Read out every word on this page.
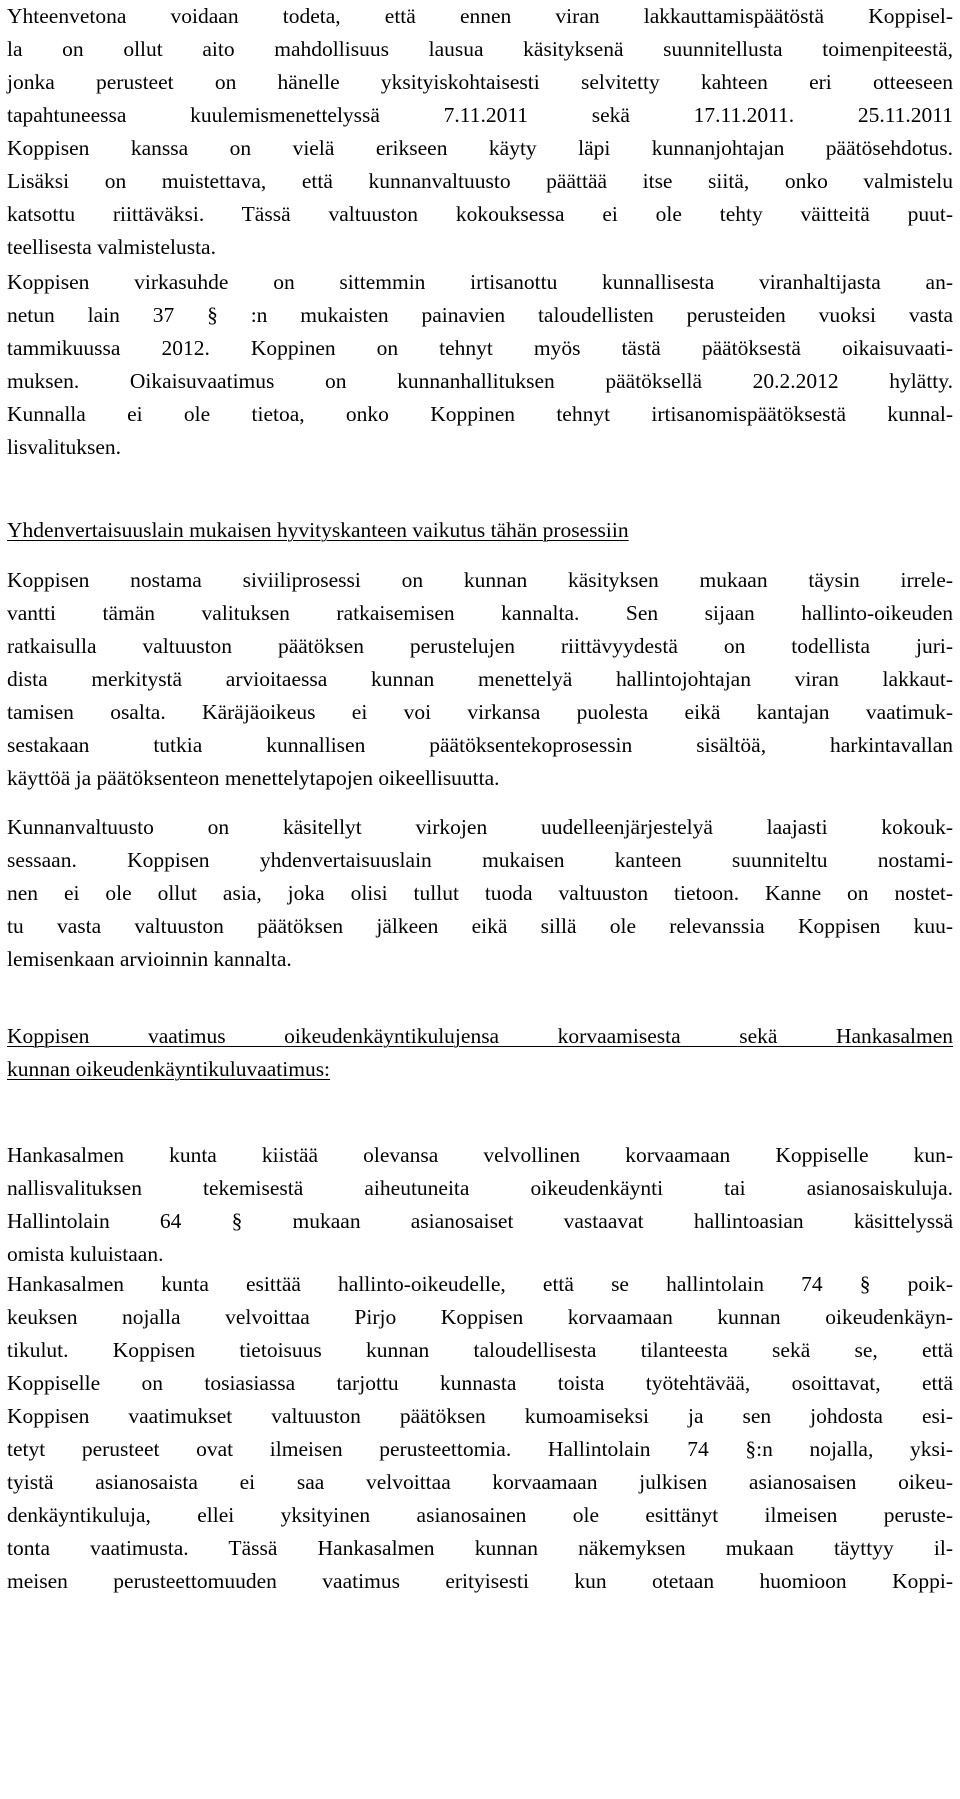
Yhteenvetona voidaan todeta, että ennen viran lakkauttamispäätöstä Koppisel-
la on ollut aito mahdollisuus lausua käsityksenä suunnitellusta toimenpiteestä,
jonka perusteet on hänelle yksityiskohtaisesti selvitetty kahteen eri otteeseen
tapahtuneessa kuulemismenettelyssä 7.11.2011 sekä 17.11.2011. 25.11.2011
Koppisen kanssa on vielä erikseen käyty läpi kunnanjohtajan päätösehdotus.
Lisäksi on muistettava, että kunnanvaltuusto päättää itse siitä, onko valmistelu
katsottu riittäväksi. Tässä valtuuston kokouksessa ei ole tehty väitteitä puut-
teellisesta valmistelusta.
Koppisen virkasuhde on sittemmin irtisanottu kunnallisesta viranhaltijasta an-
netun lain 37 § :n mukaisten painavien taloudellisten perusteiden vuoksi vasta
tammikuussa 2012. Koppinen on tehnyt myös tästä päätöksestä oikaisuvaati-
muksen. Oikaisuvaatimus on kunnanhallituksen päätöksellä 20.2.2012 hylätty.
Kunnalla ei ole tietoa, onko Koppinen tehnyt irtisanomispäätöksestä kunnal-
lisvalituksen.
Yhdenvertaisuuslain mukaisen hyvityskanteen vaikutus tähän prosessiin
Koppisen nostama siviiliprosessi on kunnan käsityksen mukaan täysin irrele-
vantti tämän valituksen ratkaisemisen kannalta. Sen sijaan hallinto-oikeuden
ratkaisulla valtuuston päätöksen perustelujen riittävyydestä on todellista juri-
dista merkitystä arvioitaessa kunnan menettelyä hallintojohtajan viran lakkaut-
tamisen osalta. Käräjäoikeus ei voi virkansa puolesta eikä kantajan vaatimuk-
sestakaan tutkia kunnallisen päätöksentekoprosessin sisältöä, harkintavallan
käyttöä ja päätöksenteon menettelytapojen oikeellisuutta.
Kunnanvaltuusto on käsitellyt virkojen uudelleenjärjestelyä laajasti kokouk-
sessaan. Koppisen yhdenvertaisuuslain mukaisen kanteen suunniteltu nostami-
nen ei ole ollut asia, joka olisi tullut tuoda valtuuston tietoon. Kanne on nostet-
tu vasta valtuuston päätöksen jälkeen eikä sillä ole relevanssia Koppisen kuu-
lemisenkaan arvioinnin kannalta.
Koppisen vaatimus oikeudenkäyntikulujensa korvaamisesta sekä Hankasalmen
kunnan oikeudenkäyntikuluvaatimus:
Hankasalmen kunta kiistää olevansa velvollinen korvaamaan Koppiselle kun-
nallisvalituksen tekemisestä aiheutuneita oikeudenkäynti tai asianosaiskuluja.
Hallintolain 64 § mukaan asianosaiset vastaavat hallintoasian käsittelyssä
omista kuluistaan.
Hankasalmen kunta esittää hallinto-oikeudelle, että se hallintolain 74 § poik-
keuksen nojalla velvoittaa Pirjo Koppisen korvaamaan kunnan oikeudenkäyn-
tikulut. Koppisen tietoisuus kunnan taloudellisesta tilanteesta sekä se, että
Koppiselle on tosiasiassa tarjottu kunnasta toista työtehtävää, osoittavat, että
Koppisen vaatimukset valtuuston päätöksen kumoamiseksi ja sen johdosta esi-
tetyt perusteet ovat ilmeisen perusteettomia. Hallintolain 74 §:n nojalla, yksi-
tyistä asianosaista ei saa velvoittaa korvaamaan julkisen asianosaisen oikeu-
denkäyntikuluja, ellei yksityinen asianosainen ole esittänyt ilmeisen peruste-
tonta vaatimusta. Tässä Hankasalmen kunnan näkemyksen mukaan täyttyy il-
meisen perusteettomuuden vaatimus erityisesti kun otetaan huomioon Koppi-
